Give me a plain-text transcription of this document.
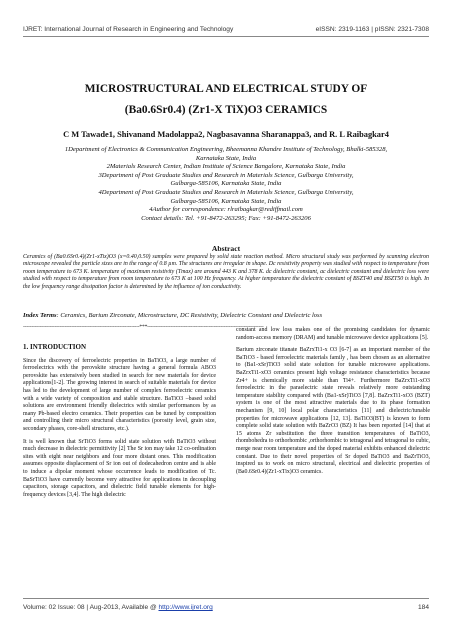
IJRET: International Journal of Research in Engineering and Technology	eISSN: 2319-1163 | pISSN: 2321-7308
MICROSTRUCTURAL AND ELECTRICAL STUDY OF
(Ba0.6Sr0.4) (Zr1-X TiX)O3 CERAMICS
C M Tawade1, Shivanand Madolappa2, Nagbasavanna Sharanappa3, and R. L Raibagkar4
1Department of Electronics & Communication Engineering, Bheemanna Khandre Institute of Technology, Bhalki-585328,
Karnataka State, India
2Materials Research Center, Indian Institute of Science Bangalore, Karnataka State, India
3Department of Post Graduate Studies and Research in Materials Science, Gulbarga University,
Gulbarga-585106, Karnataka State, India
4Department of Post Graduate Studies and Research in Materials Science, Gulbarga University,
Gulbarga-585106, Karnataka State, India
4Author for correspondence: rlraibagkar@rediffmail.com
Contact details: Tel. +91-8472-263295; Fax: +91-8472-263206
Abstract
Ceramics of (Ba0.6Sr0.4)(Zr1-xTix)O3 (x=0.40,0.50) samples were prepared by solid state reaction method. Micro structural study was performed by scanning electron microscope revealed the particle sizes are in the range of 0.8 µm. The structures are irregular in shape. Dc resistivity property was studied with respect to temperature from room temperature to 673 K. temperature of maximum resistivity (Tmax) are around 443 K and 378 K. dc dielectric constant, ac dielectric constant and dielectric loss were studied with respect to temperature from room temperature to 673 K at 100 Hz frequency. At higher temperature the dielectric constant of BSZT40 and BSZT50 is high. In the low frequency range dissipation factor is determined by the influence of ion conductivity.
Index Terms: Ceramics, Barium Zirconate, Microstructure, DC Resistivity, Dielectric Constant and Dielectric loss
----------------------------------------------------------------------***----------------------------------------------------------------------
1. INTRODUCTION

Since the discovery of ferroelectric properties in BaTiO3, a large number of ferroelectrics with the perovskite structure having a general formula ABO3 perovskite has extensively been studied in search for new materials for device applications[1-2]. The growing interest in search of suitable materials for device has led to the development of large number of complex ferroelectric ceramics with a wide variety of composition and stable structure. BaTiO3 –based solid solutions are environment friendly dielectrics with similar performances by as many Pb-based electro ceramics. Their properties can be tuned by composition and controlling their micro structural characteristics (porosity level, grain size, secondary phases, core-shell structures, etc.).

It is well known that SrTiO3 forms solid state solution with BaTiO3 without much decrease in dielectric permittivity [2] The Sr ion may take 12 co-ordination sites with eight near neighbors and four more distant ones. This modification assumes opposite displacement of Sr ion out of dodecahedron centre and is able to induce a dipolar moment whose occurrence leads to modification of Tc. BaSrTiO3 have currently become very attractive for applications in decoupling capacitors, storage capacitors, and dielectric field tunable elements for high-frequency devices [3,4]. The high dielectric

constant and low loss makes one of the promising candidates for dynamic random-access memory (DRAM) and tunable microwave device applications [5].

Barium zirconate titanate BaZrxTi1-x O3 [6-7] as an important member of the BaTiO3 - based ferroelectric materials family , has been chosen as an alternative to (Ba1-xSr)TiO3 solid state solution for tunable microwave applications. BaZrxTi1-xO3 ceramics present high voltage resistance characteristics because Zr4+ is chemically more stable than Ti4+. Furthermore BaZrxTi1-xO3 ferroelectric in the paraelectric state reveals relatively more outstanding temperature stability compared with (Ba1-xSr)TiO3 [7,8]. BaZrxTi1-xO3 (BZT) system is one of the most attractive materials due to its phase formation mechanism [9, 10] local polar characteristics [11] and dielectric/tunable properties for microwave applications [12, 13]. BaTiO3(BT) is known to form complete solid state solution with BaZrO3 (BZ) It has been reported [14] that at 15 atoms Zr substitution the three transition temperatures of BaTiO3, rhombohedra to orthorhombic ,orthorhombic to tetragonal and tetragonal to cubic, merge near room temperature and the doped material exhibits enhanced dielectric constant. Due to their novel properties of Sr doped BaTiO3 and BaZrTiO3, inspired us to work on micro structural, electrical and dielectric properties of (Ba0.6Sr0.4)(Zr1-xTix)O3 ceramics.

Volume: 02 Issue: 08 | Aug-2013, Available @ http://www.ijret.org	184
